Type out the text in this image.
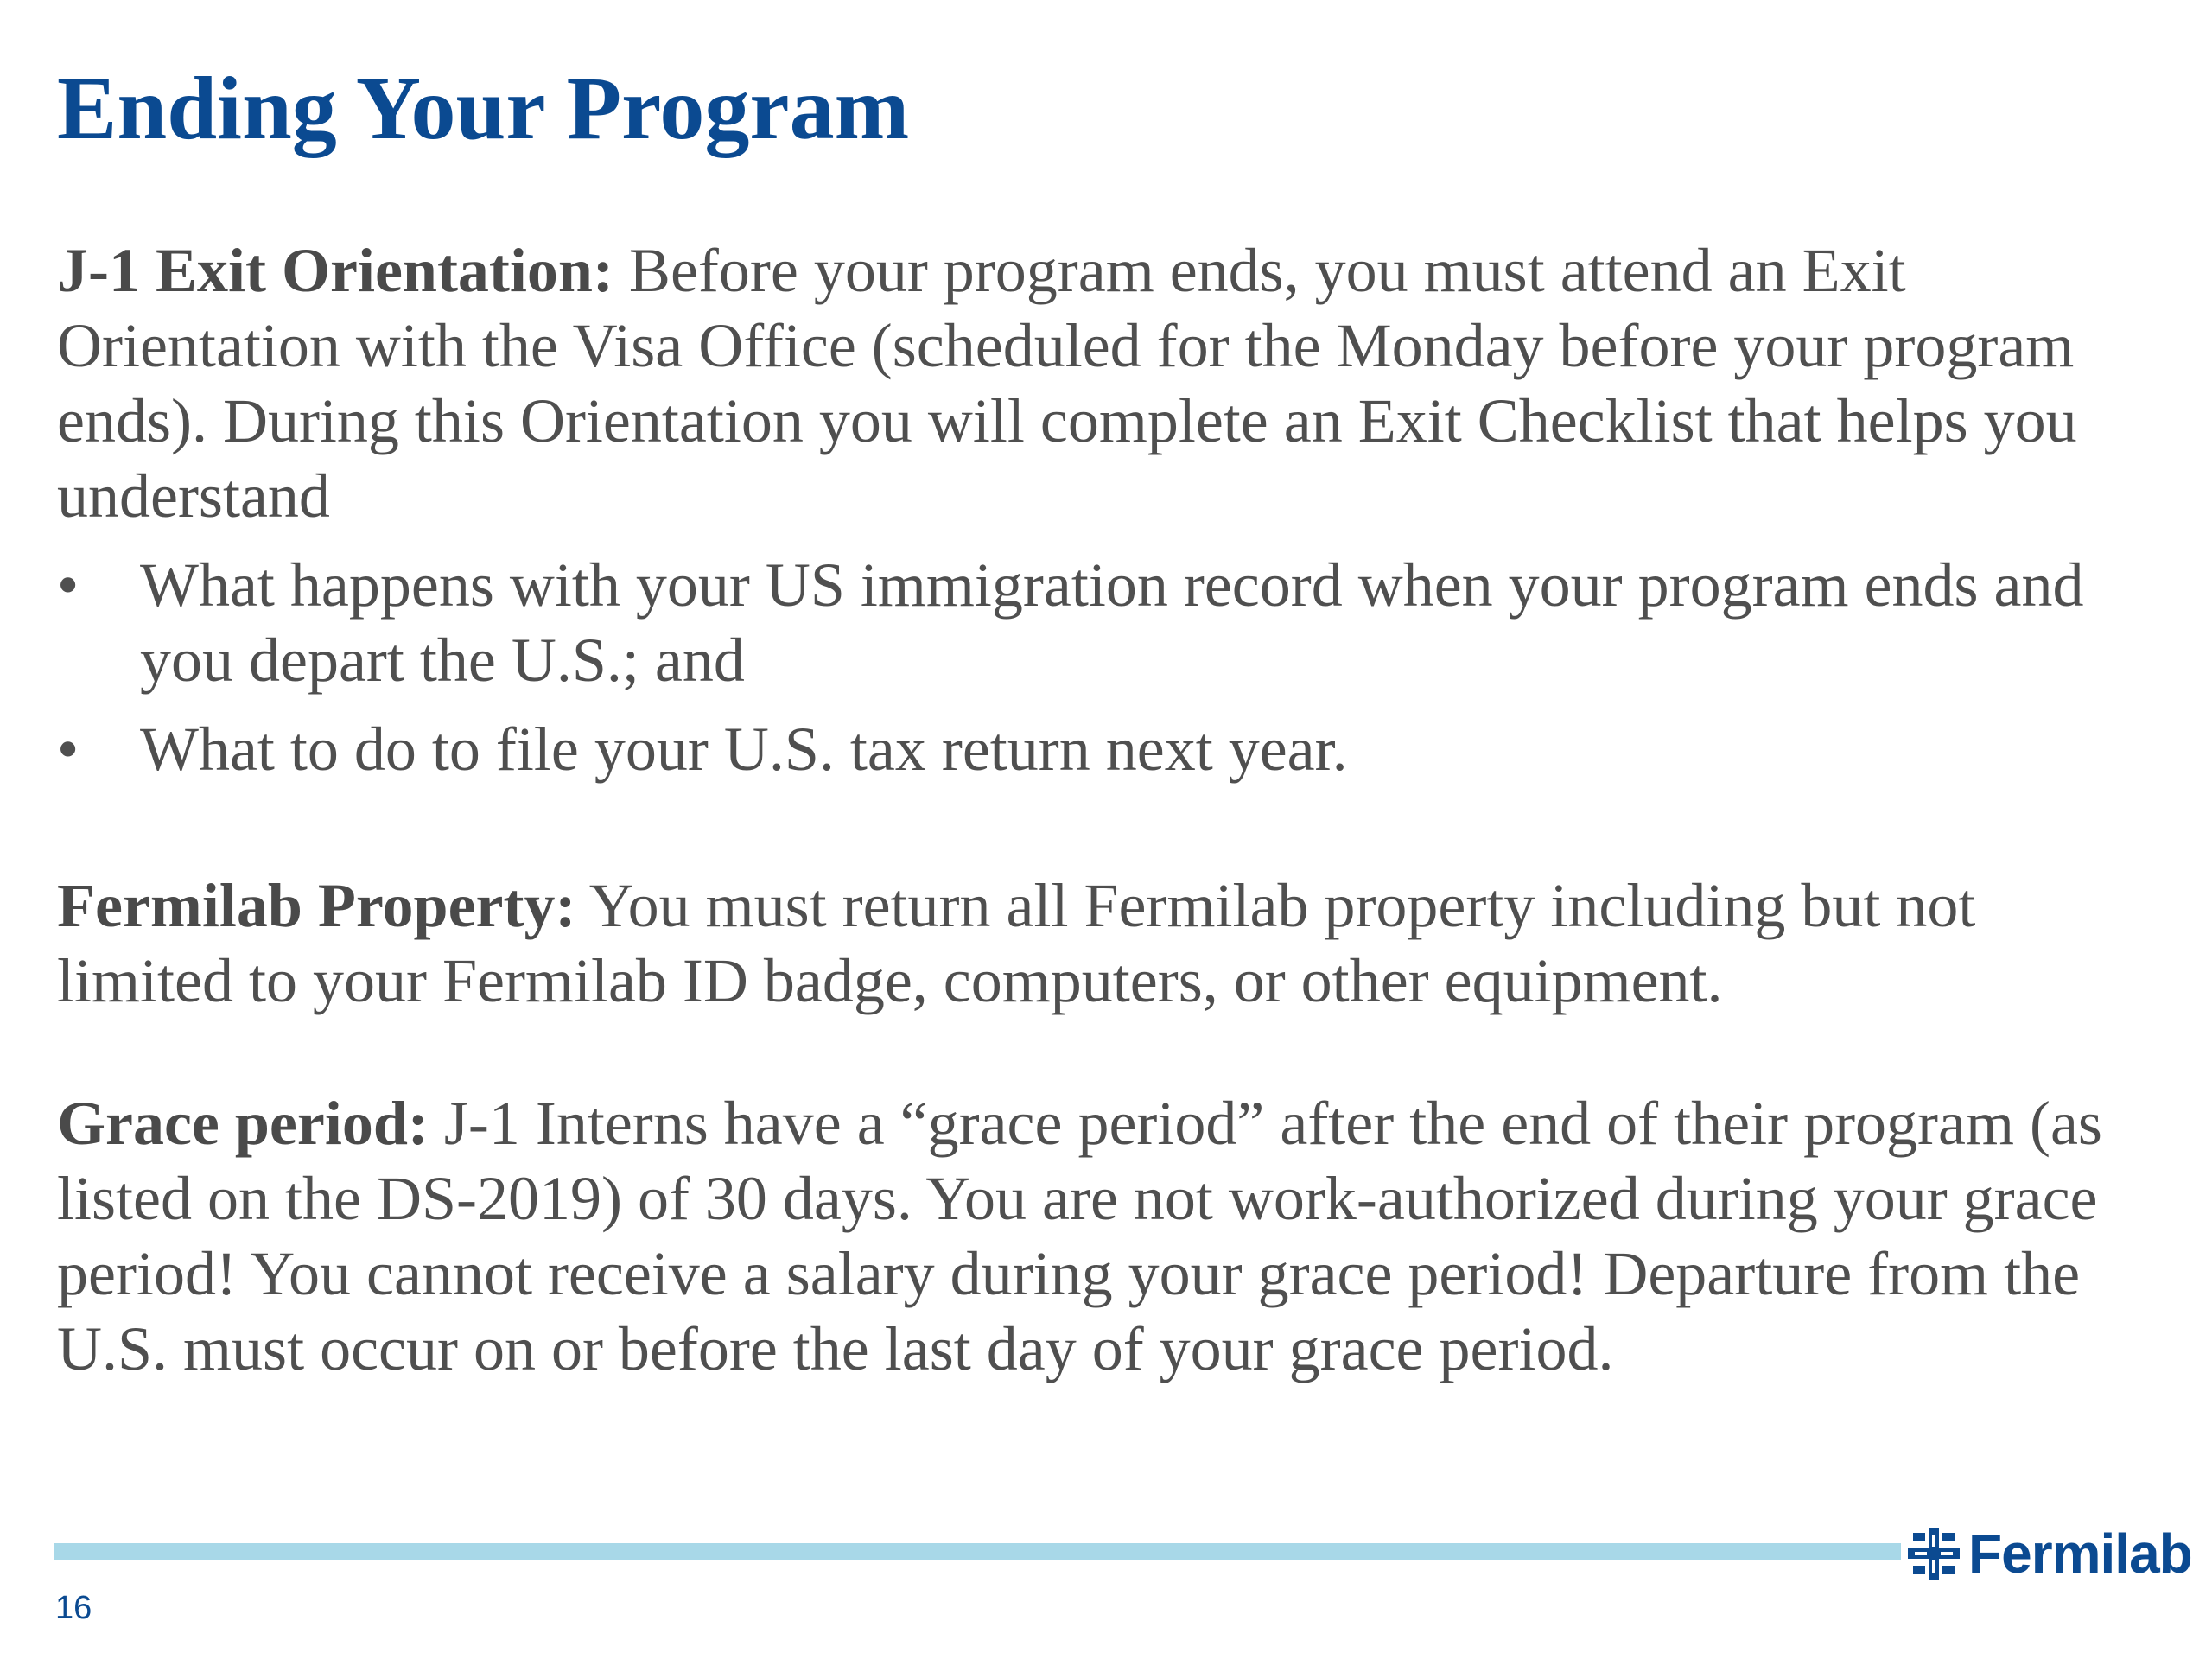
Ending Your Program

J-1 Exit Orientation: Before your program ends, you must attend an Exit Orientation with the Visa Office (scheduled for the Monday before your program ends). During this Orientation you will complete an Exit Checklist that helps you understand

• What happens with your US immigration record when your program ends and you depart the U.S.; and
• What to do to file your U.S. tax return next year.

Fermilab Property: You must return all Fermilab property including but not limited to your Fermilab ID badge, computers, or other equipment.

Grace period: J-1 Interns have a “grace period” after the end of their program (as listed on the DS-2019) of 30 days. You are not work-authorized during your grace period! You cannot receive a salary during your grace period! Departure from the U.S. must occur on or before the last day of your grace period.

Fermilab
16
